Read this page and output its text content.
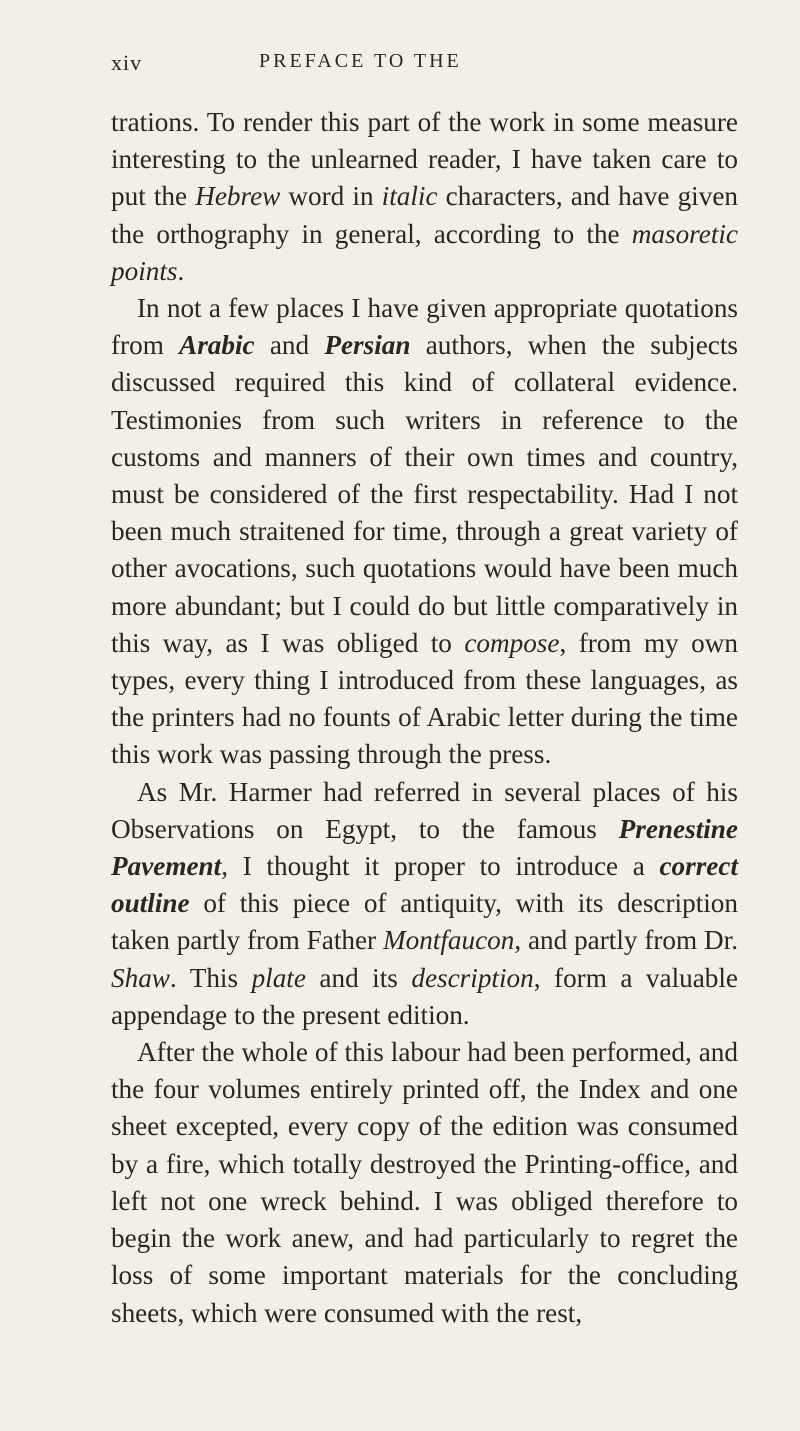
xiv	PREFACE TO THE

trations. To render this part of the work in some measure interesting to the unlearned reader, I have taken care to put the Hebrew word in italic characters, and have given the orthography in general, according to the masoretic points.

In not a few places I have given appropriate quotations from Arabic and Persian authors, when the subjects discussed required this kind of collateral evidence. Testimonies from such writers in reference to the customs and manners of their own times and country, must be considered of the first respectability. Had I not been much straitened for time, through a great variety of other avocations, such quotations would have been much more abundant; but I could do but little comparatively in this way, as I was obliged to compose, from my own types, every thing I introduced from these languages, as the printers had no founts of Arabic letter during the time this work was passing through the press.

As Mr. Harmer had referred in several places of his Observations on Egypt, to the famous Prenestine Pavement, I thought it proper to introduce a correct outline of this piece of antiquity, with its description taken partly from Father Montfaucon, and partly from Dr. Shaw. This plate and its description, form a valuable appendage to the present edition.

After the whole of this labour had been performed, and the four volumes entirely printed off, the Index and one sheet excepted, every copy of the edition was consumed by a fire, which totally destroyed the Printing-office, and left not one wreck behind. I was obliged therefore to begin the work anew, and had particularly to regret the loss of some important materials for the concluding sheets, which were consumed with the rest,
